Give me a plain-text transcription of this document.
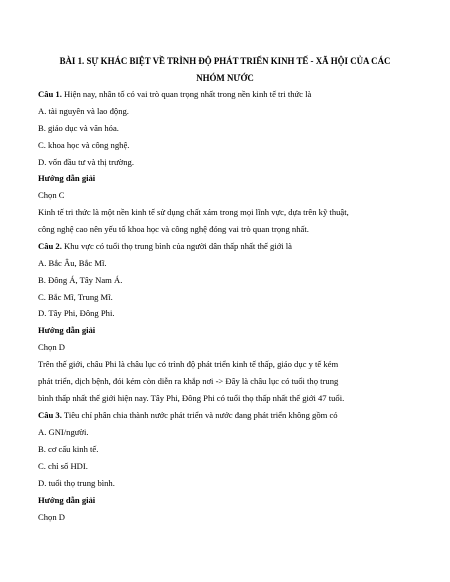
BÀI 1. SỰ KHÁC BIỆT VỀ TRÌNH ĐỘ PHÁT TRIỂN KINH TẾ - XÃ HỘI CỦA CÁC
NHÓM NƯỚC
Câu 1. Hiện nay, nhân tố có vai trò quan trọng nhất trong nền kinh tế tri thức là
A. tài nguyên và lao động.
B. giáo dục và văn hóa.
C. khoa học và công nghệ.
D. vốn đầu tư và thị trường.
Hướng dẫn giải
Chọn C
Kinh tế tri thức là một nền kinh tế sử dụng chất xám trong mọi lĩnh vực, dựa trên kỹ thuật,
công nghệ cao nên yếu tố khoa học và công nghệ đóng vai trò quan trọng nhất.
Câu 2. Khu vực có tuổi thọ trung bình của người dân thấp nhất thế giới là
A. Bắc Âu, Bắc Mĩ.
B. Đông Á, Tây Nam Á.
C. Bắc Mĩ, Trung Mĩ.
D. Tây Phi, Đông Phi.
Hướng dẫn giải
Chọn D
Trên thế giới, châu Phi là châu lục có trình độ phát triển kinh tế thấp, giáo dục y tế kém
phát triển, dịch bệnh, đói kém còn diễn ra khắp nơi -> Đây là châu lục có tuổi thọ trung
bình thấp nhất thế giới hiện nay. Tây Phi, Đông Phi có tuổi thọ thấp nhất thế giới 47 tuổi.
Câu 3. Tiêu chí phân chia thành nước phát triển và nước đang phát triển không gồm có
A. GNI/người.
B. cơ cấu kinh tế.
C. chỉ số HDI.
D. tuổi thọ trung bình.
Hướng dẫn giải
Chọn D
